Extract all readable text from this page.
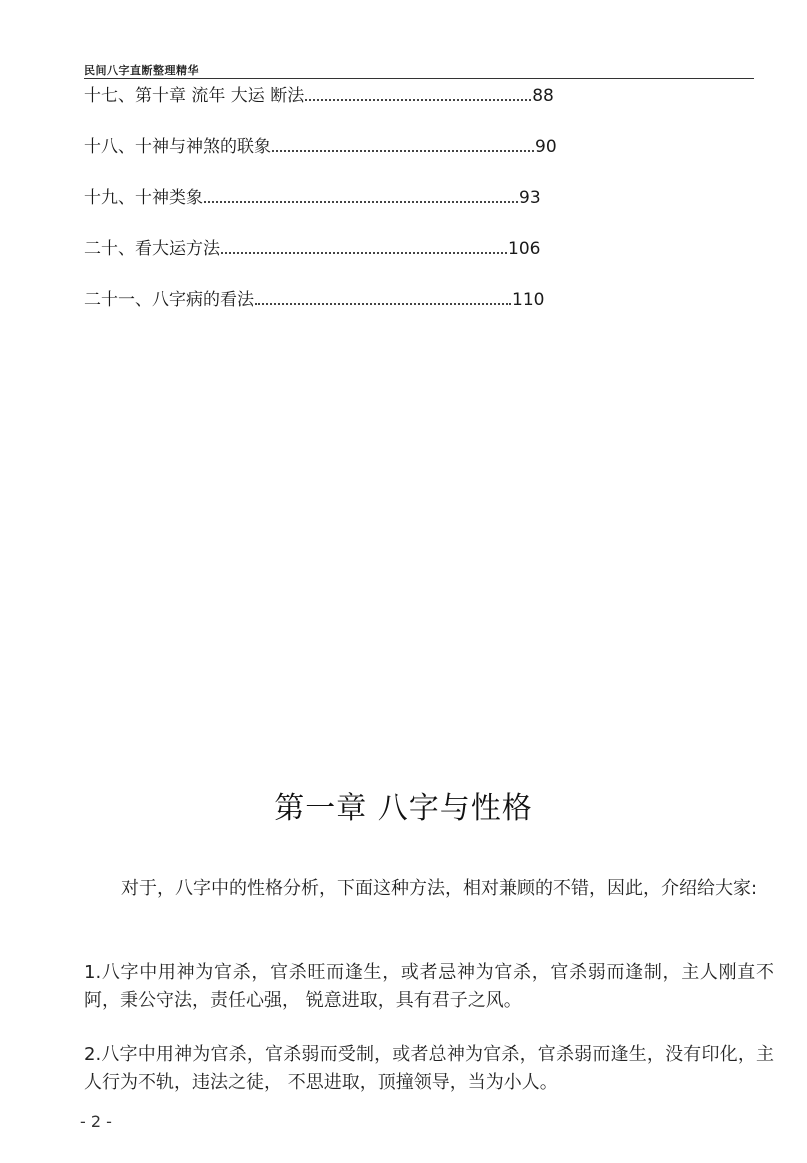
民间八字直断整理精华
十七、第十章 流年 大运 断法	88
十八、十神与神煞的联象	90
十九、十神类象	93
二十、看大运方法	106
二十一、八字病的看法	110
第一章 八字与性格
对于，八字中的性格分析，下面这种方法，相对兼顾的不错，因此，介绍给大家:
1.八字中用神为官杀，官杀旺而逢生，或者忌神为官杀，官杀弱而逢制，主人刚直不阿，秉公守法，责任心强， 锐意进取，具有君子之风。
2.八字中用神为官杀，官杀弱而受制，或者总神为官杀，官杀弱而逢生，没有印化，主人行为不轨，违法之徒， 不思进取，顶撞领导，当为小人。
- 2 -
